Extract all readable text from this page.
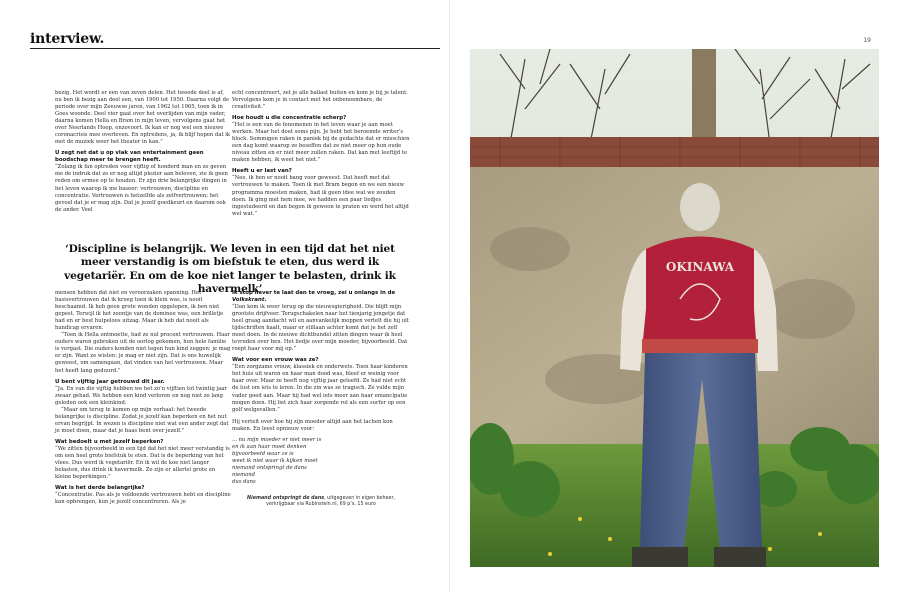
interview.

bezig. Het wordt er een van zeven delen. Het tweede deel is af, nu ben ik bezig aan deel een, van 1900 tot 1950. Daarna volgt de periode over mijn Zeeuwse jaren, van 1962 tot 1965, toen ik in Goes woonde. Deel vier gaat over het overlijden van mijn vader, daarna komen Hella en Bram in mijn leven, vervolgens gaat het over Neerlands Hoop, enzovoort. Ik kan er nog wel een nieuwe coronacrisis mee overleven. En optredens, ja, ik blijf hopen dat ik met de muziek weer het theater in kan.”

U zegt net dat u op vlak van entertainment geen boodschap meer te brengen heeft.

“Zolang ik fan optreden voor vijftig of honderd man en ze geven me de indruk dat ze er nog altijd plezier aan beleven, zie ik geen reden om ermee op te houden. Er zijn drie belangrijke dingen in het leven waarop ik me baseer: vertrouwen, discipline en concentratie. Vertrouwen is hetzelfde als zelfvertrouwen; het gevoel dat je er mag zijn. Dat je jezelf goedkeurt en daarom ook de ander. Veel

echt concentreert, zet je alle ballast buiten en kom je bij je talent. Vervolgens kom je in contact met het onbenoembare, de creativiteit.”

Hoe houdt u die concentratie scherp?

“Het is een van de fenomenen in het leven waar je aan moet werken. Maar het doet soms pijn. Je hebt het beroemde writer’s block. Sommigen raken in paniek bij de gedachte dat er misschien een dag komt waarop ze beseffen dat ze niet meer op hun oude niveau zitten en er niet meer zullen raken. Dat kan met leeftijd te maken hebben, ik weet het niet.”

Heeft u er last van?

“Nee, ik ben er nooit bang voor geweest. Dat heeft met dat vertrouwen te maken. Toen ik met Bram begon en we een nieuw programma moesten maken, had ik geen idee wat we zouden doen. Ik ging met hem mee, we hadden een paar liedjes ingestudeerd en dan begon ik gewoon te praten en werd het altijd wel wat.”

‘Discipline is belangrijk. We leven in een tijd dat het niet meer verstandig is om biefstuk te eten, dus werd ik vegetariër. En om de koe niet langer te belasten, drink ik havermelk’

mensen hebben dat niet en veroorzaken spanning. Het basisvertrouwen dat ik kreeg toen ik klein was, is nooit beschaamd. Ik heb geen grote wonden opgelopen, ik ben niet gepest. Terwijl ik het zoontje van de dominee was, een brilletje had en er best hulpeloos uitzag. Maar ik heb dat nooit als handicap ervaren.

“Toen ik Hella ontmoette, had ze nul procent vertrouwen. Haar ouders waren gebroken uit de oorlog gekomen, hun hele familie is vergast. Die ouders konden niet tegen hun kind zeggen: je mag er zijn. Want ze wisten: je mag er niet zijn. Dat is ons huwelijk geweest, om samengaan, dat vinden van het vertrouwen. Maar het heeft lang geduurd.”

U bent vijftig jaar getrouwd dit jaar.

“Ja. En van die vijftig hebben we het zo’n vijftien tot twintig jaar zwaar gehad. We hebben een kind verloren en nog niet zo lang geleden ook een kleinkind.

“Maar om terug te komen op mijn verhaal: het tweede belangrijke is discipline. Zodat je jezelf kan beperken en het nut ervan begrijpt. In wezen is discipline niet wat een ander zegt dat je moet doen, maar dat je baas bent over jezelf.”

Wat bedoelt u met jezelf beperken?

“We zitten bijvoorbeeld in een tijd dat het niet meer verstandig is om een heel grote biefstuk te eten. Dat is de beperking van het vlees. Dus werd ik vegetariër. En ik wil de koe niet langer belasten, dus drink ik havermelk. Zo zijn er allerlei grote en kleine beperkingen.”

Wat is het derde belangrijke?

“Concentratie. Pas als je voldoende vertrouwen hebt en discipline kan opbrengen, kun je jezelf concentreren. Als je

Ik stop liever te laat dan te vroeg, zei u onlangs in de Volkskrant.

“Dan kom ik weer terug op die nieuwsgierigheid. Die blijft mijn grootste drijfveer. Terugschakelen naar het tienjarig jongetje dat heel graag aandacht wil en aanvankelijk moppen vertelt die hij uit tijdschriften haalt, maar er stillaan achter komt dat je het zelf moet doen. In de nieuwe dichtbundel zitten dingen waar ik heel tevreden over ben. Het liedje over mijn moeder, bijvoorbeeld. Dat roept haar voor mij op.”

Wat voor een vrouw was ze?

“Een zorgzame vrouw, klassiek en onderwets. Toen haar kinderen het huis uit waren en haar man dood was, bleef er weinig voor haar over. Maar ze heeft nog vijftig jaar geleefd. Ze had niet echt de lust om iets te leren. In die zin was ze tragisch. Ze vulde mijn vader goed aan. Maar hij had wel iets meer aan haar emancipatie mogen doen. Hij liet zich haar zorgende rol als een surfer op een golf welgevallen.”

Hij vertelt over hoe hij zijn moeder altijd aan het lachen kon maken. En leest opnieuw voor:

... nu mijn moeder er niet meer is
en ik aan haar moet denken
bijvoorbeeld waar ze is
weet ik niet waar ik kijken moet
niemand ontspringt de dans
niemand
dus dans
Niemand ontspringt de dans, uitgegeven in eigen beheer, verkrijgbaar via Rubinstein.nl, 69 p’s, 15 euro
19
OKINAWA
